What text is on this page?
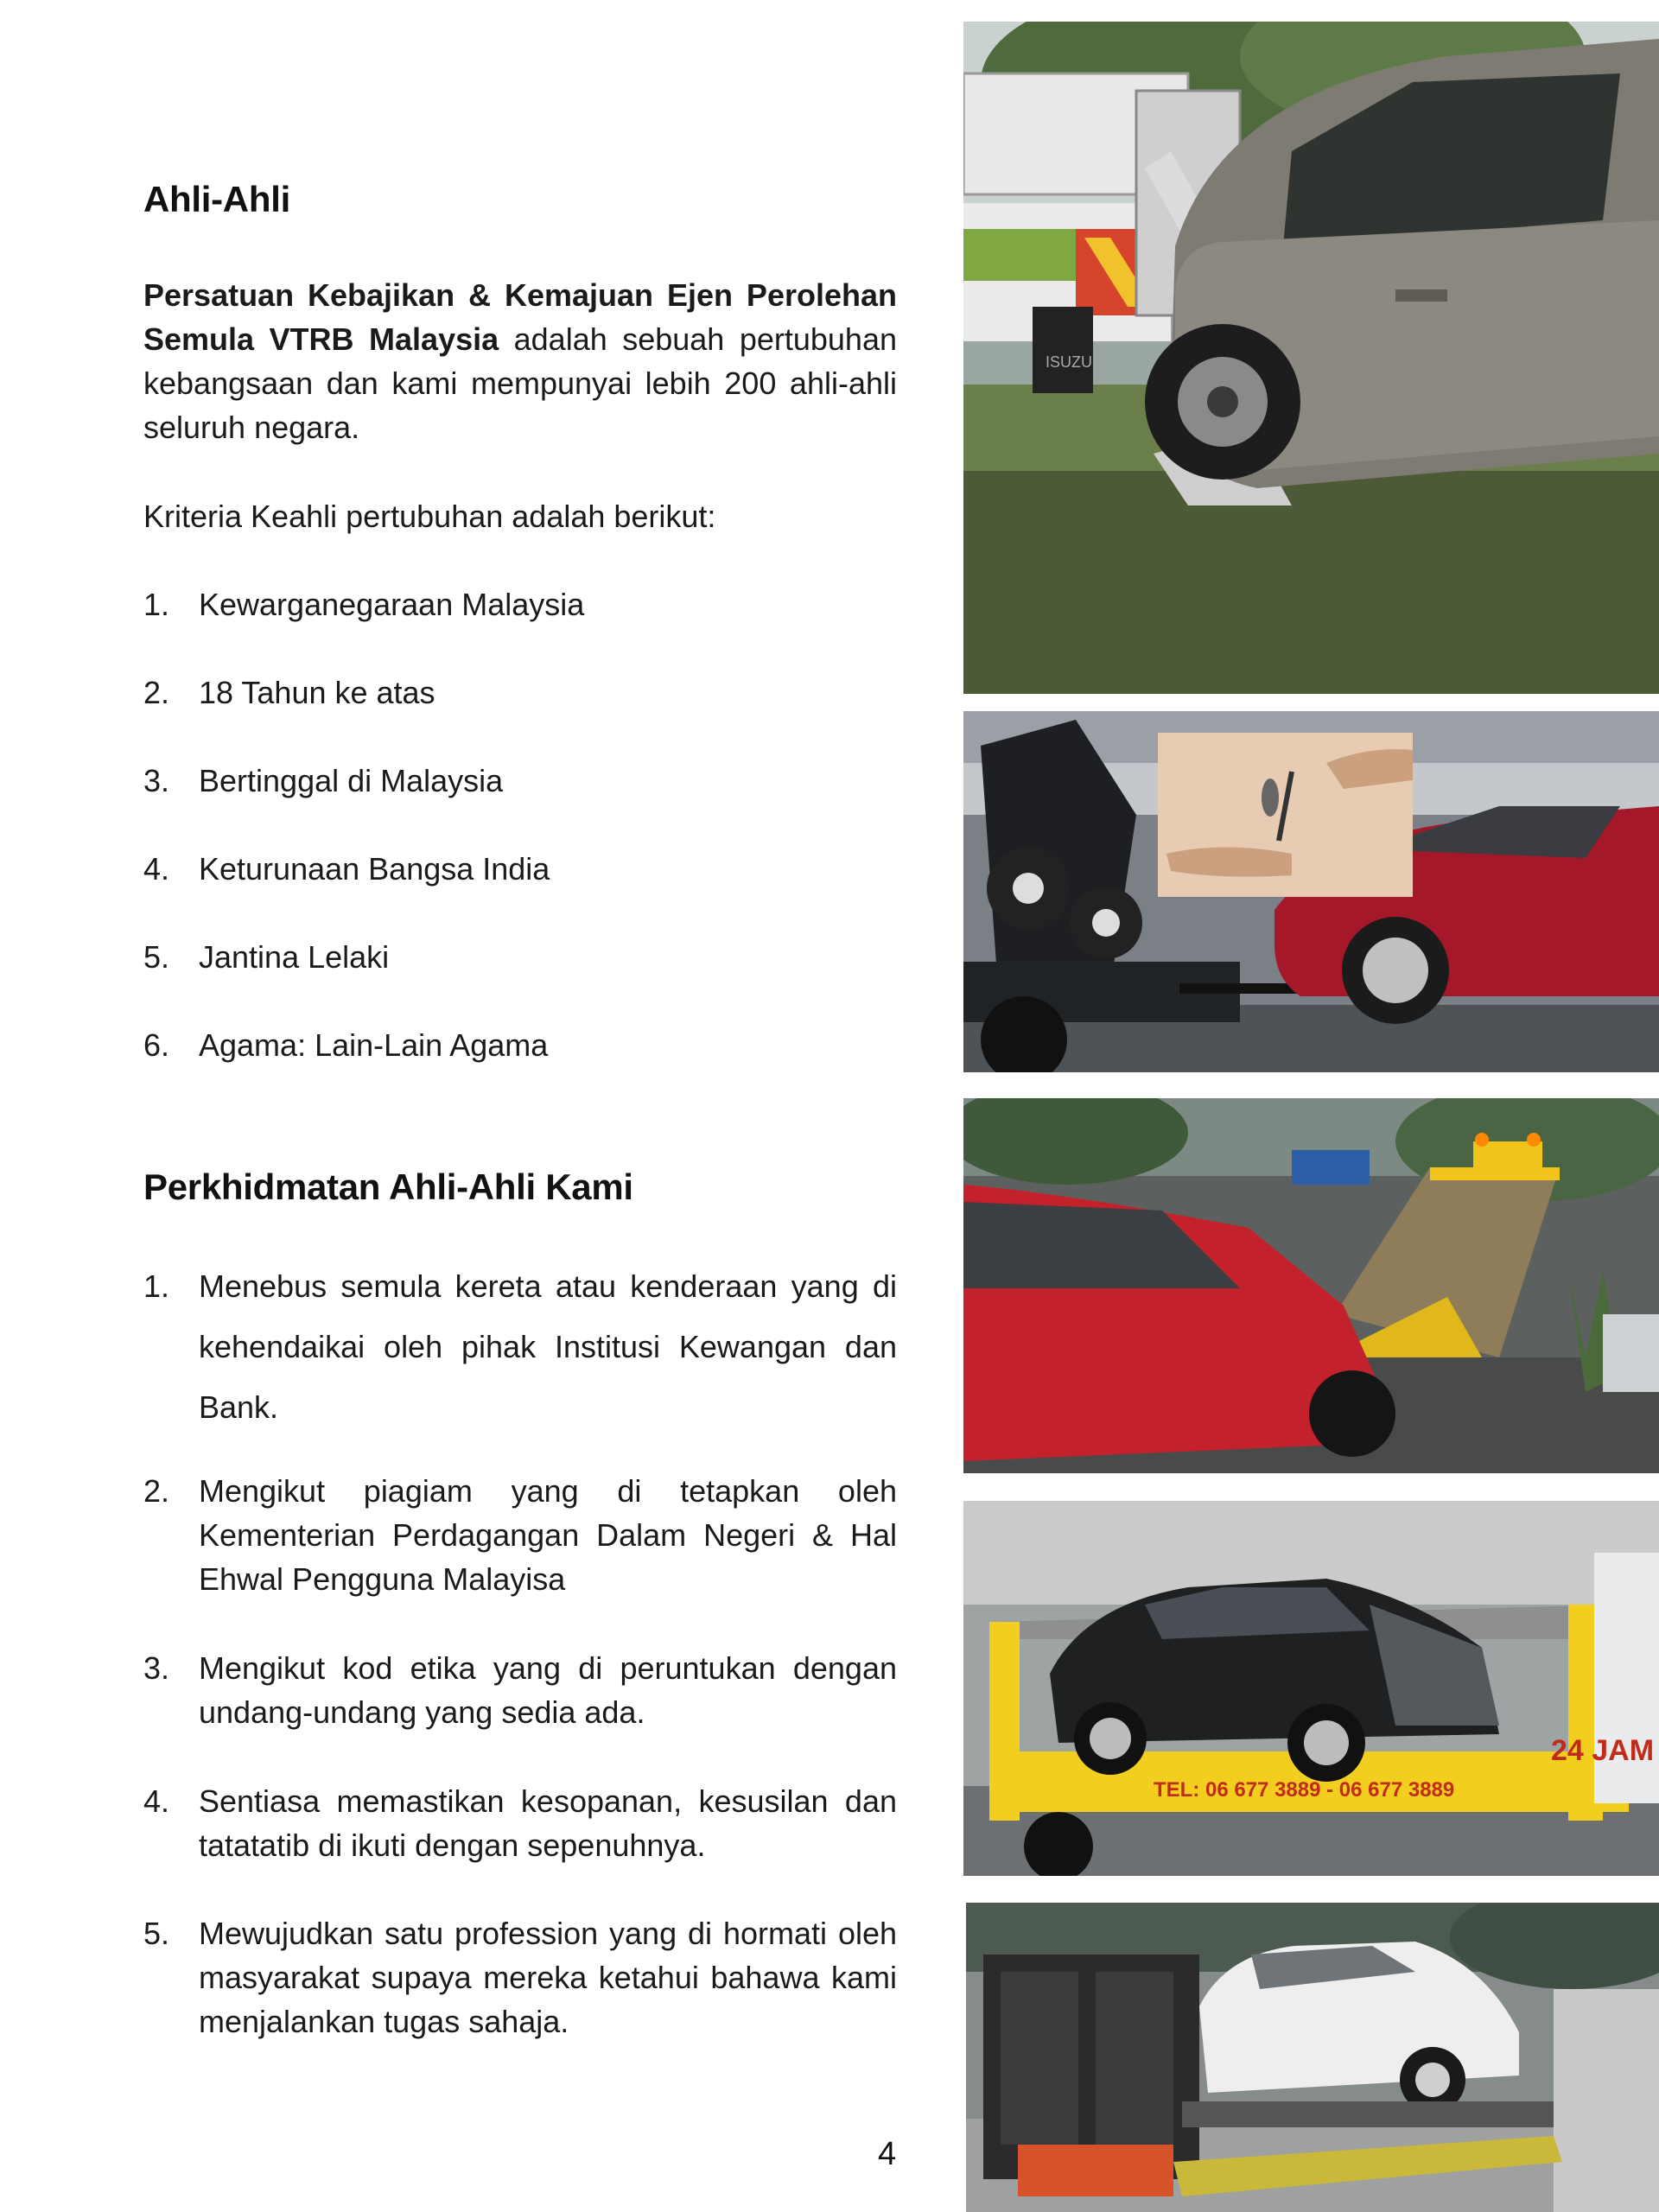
Ahli-Ahli

Persatuan Kebajikan & Kemajuan Ejen Perolehan Semula VTRB Malaysia adalah sebuah pertubuhan kebangsaan dan kami mempunyai lebih 200 ahli-ahli seluruh negara.

Kriteria Keahli pertubuhan adalah berikut:

1. Kewarganegaraan Malaysia
2. 18 Tahun ke atas
3. Bertinggal di Malaysia
4. Keturunaan Bangsa India
5. Jantina Lelaki
6. Agama: Lain-Lain Agama
Perkhidmatan Ahli-Ahli Kami
1. Menebus semula kereta atau kenderaan yang di kehendaikai oleh pihak Institusi Kewangan dan Bank.
2. Mengikut piagiam yang di tetapkan oleh Kementerian Perdagangan Dalam Negeri & Hal Ehwal Pengguna Malayisa
3. Mengikut kod etika yang di peruntukan dengan undang-undang yang sedia ada.
4. Sentiasa memastikan kesopanan, kesusilan dan tatatatib di ikuti dengan sepenuhnya.
5. Mewujudkan satu profession yang di hormati oleh masyarakat supaya mereka ketahui bahawa kami menjalankan tugas sahaja.
4
ISUZU
TEL: 06 677 3889 - 06 677 3889
24 JAM
